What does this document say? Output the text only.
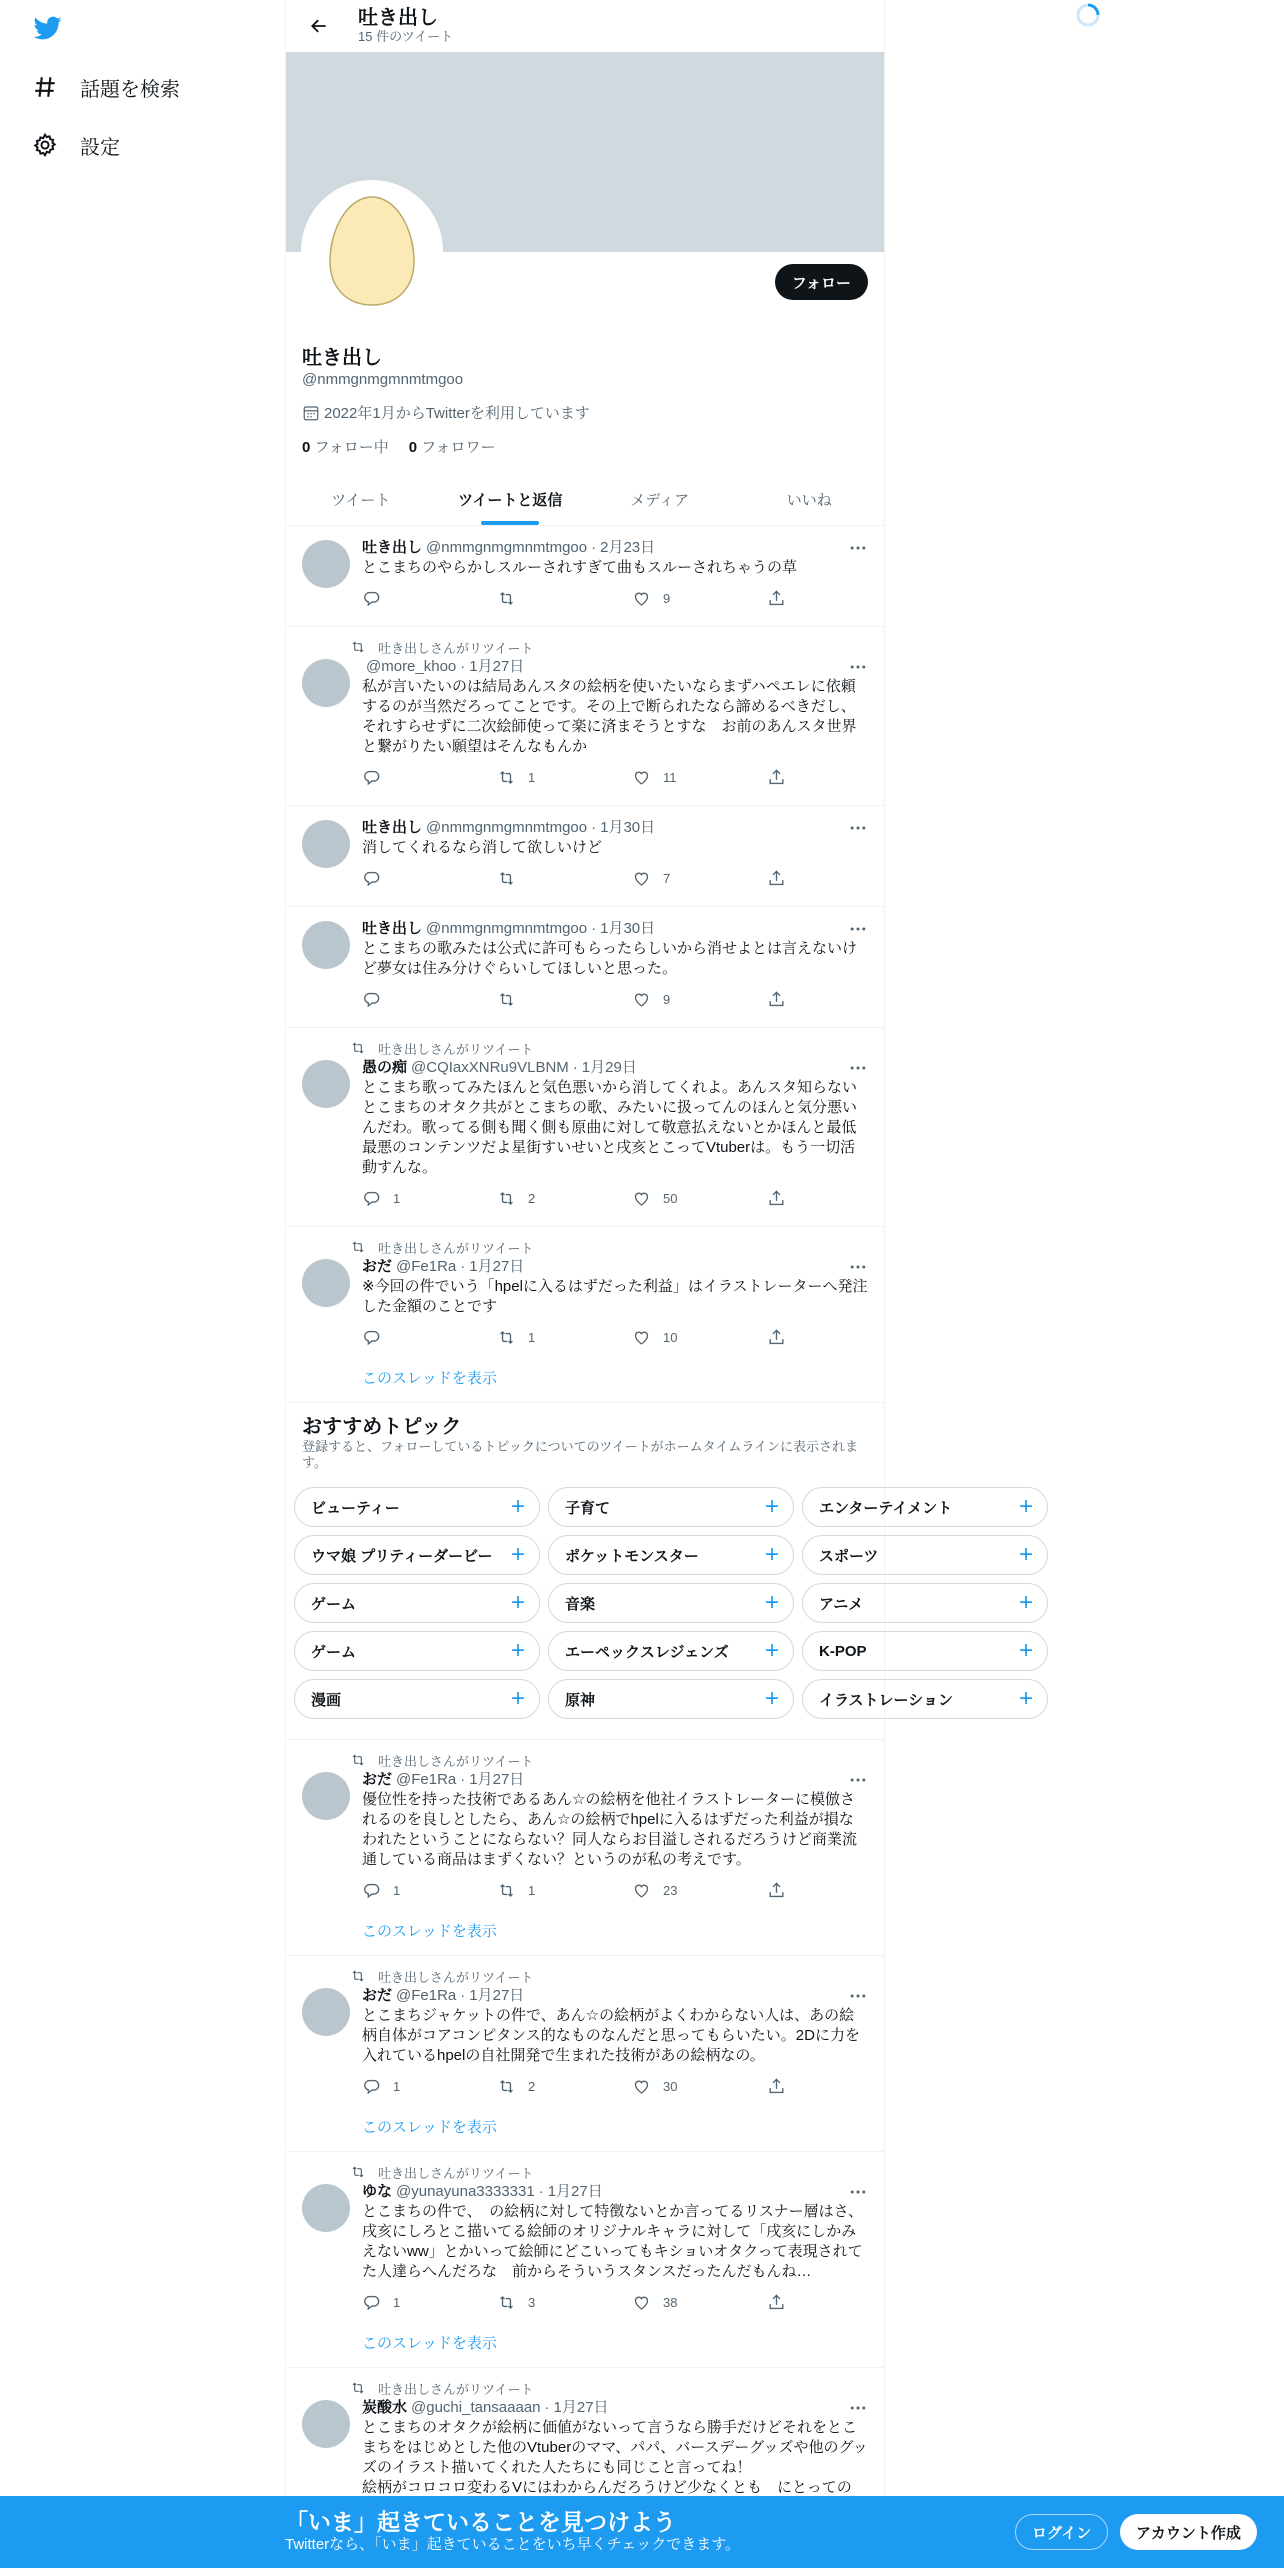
話題を検索
設定
吐き出し
15 件のツイート
フォロー
吐き出し
@nmmgnmgmnmtmgoo
2022年1月からTwitterを利用しています
0 フォロー中 0 フォロワー
ツイート	ツイートと返信	メディア	いいね
吐き出し @nmmgnmgmnmtmgoo · 2月23日
とこまちのやらかしスルーされすぎて曲もスルーされちゃうの草
9
吐き出しさんがリツイート
@more_khoo · 1月27日
私が言いたいのは結局あんスタの絵柄を使いたいならまずハペエレに依頼するのが当然だろってことです。その上で断られたなら諦めるべきだし、それすらせずに二次絵師使って楽に済まそうとすな　お前のあんスタ世界と繋がりたい願望はそんなもんか
1	11
吐き出し @nmmgnmgmnmtmgoo · 1月30日
消してくれるなら消して欲しいけど
7
吐き出し @nmmgnmgmnmtmgoo · 1月30日
とこまちの歌みたは公式に許可もらったらしいから消せよとは言えないけど夢女は住み分けぐらいしてほしいと思った。
9
吐き出しさんがリツイート
愚の痴 @CQIaxXNRu9VLBNM · 1月29日
とこまち歌ってみたほんと気色悪いから消してくれよ。あんスタ知らないとこまちのオタク共がとこまちの歌、みたいに扱ってんのほんと気分悪いんだわ。歌ってる側も聞く側も原曲に対して敬意払えないとかほんと最低最悪のコンテンツだよ星街すいせいと戌亥とこってVtuberは。もう一切活動すんな。
1	2	50
吐き出しさんがリツイート
おだ @Fe1Ra · 1月27日
※今回の件でいう「hpelに入るはずだった利益」はイラストレーターへ発注した金額のことです
1	10
このスレッドを表示
おすすめトピック
登録すると、フォローしているトピックについてのツイートがホームタイムラインに表示されます。
ビューティー	+	子育て	+	エンターテイメント	+
ウマ娘 プリティーダービー +	ポケットモンスター	+	スポーツ	+
ゲーム	+	音楽	+	アニメ	+
ゲーム	+	エーペックスレジェンズ	+	K-POP	+
漫画	+	原神	+	イラストレーション	+
吐き出しさんがリツイート
おだ @Fe1Ra · 1月27日
優位性を持った技術であるあん☆の絵柄を他社イラストレーターに模倣されるのを良しとしたら、あん☆の絵柄でhpelに入るはずだった利益が損なわれたということにならない？同人ならお目溢しされるだろうけど商業流通している商品はまずくない？というのが私の考えです。
1	1	23
このスレッドを表示
吐き出しさんがリツイート
おだ @Fe1Ra · 1月27日
とこまちジャケットの件で、あん☆の絵柄がよくわからない人は、あの絵柄自体がコアコンピタンス的なものなんだと思ってもらいたい。2Dに力を入れているhpelの自社開発で生まれた技術があの絵柄なの。
1	2	30
このスレッドを表示
吐き出しさんがリツイート
ゆな @yunayuna3333331 · 1月27日
とこまちの件で、　の絵柄に対して特徴ないとか言ってるリスナー層はさ、戌亥にしろとこ描いてる絵師のオリジナルキャラに対して「戌亥にしかみえないww」とかいって絵師にどこいってもキショいオタクって表現されてた人達らへんだろな　前からそういうスタンスだったんだもんね…
1	3	38
このスレッドを表示
吐き出しさんがリツイート
炭酸水 @guchi_tansaaaan · 1月27日
とこまちのオタクが絵柄に価値がないって言うなら勝手だけどそれをとこまちをはじめとした他のVtuberのママ、パパ、バースデーグッズや他のグッズのイラスト描いてくれた人たちにも同じこと言ってね！
絵柄がコロコロ変わるVにはわからんだろうけど少なくとも　にとっての
「いま」起きていることを見つけよう
Twitterなら、「いま」起きていることをいち早くチェックできます。
ログイン	アカウント作成
